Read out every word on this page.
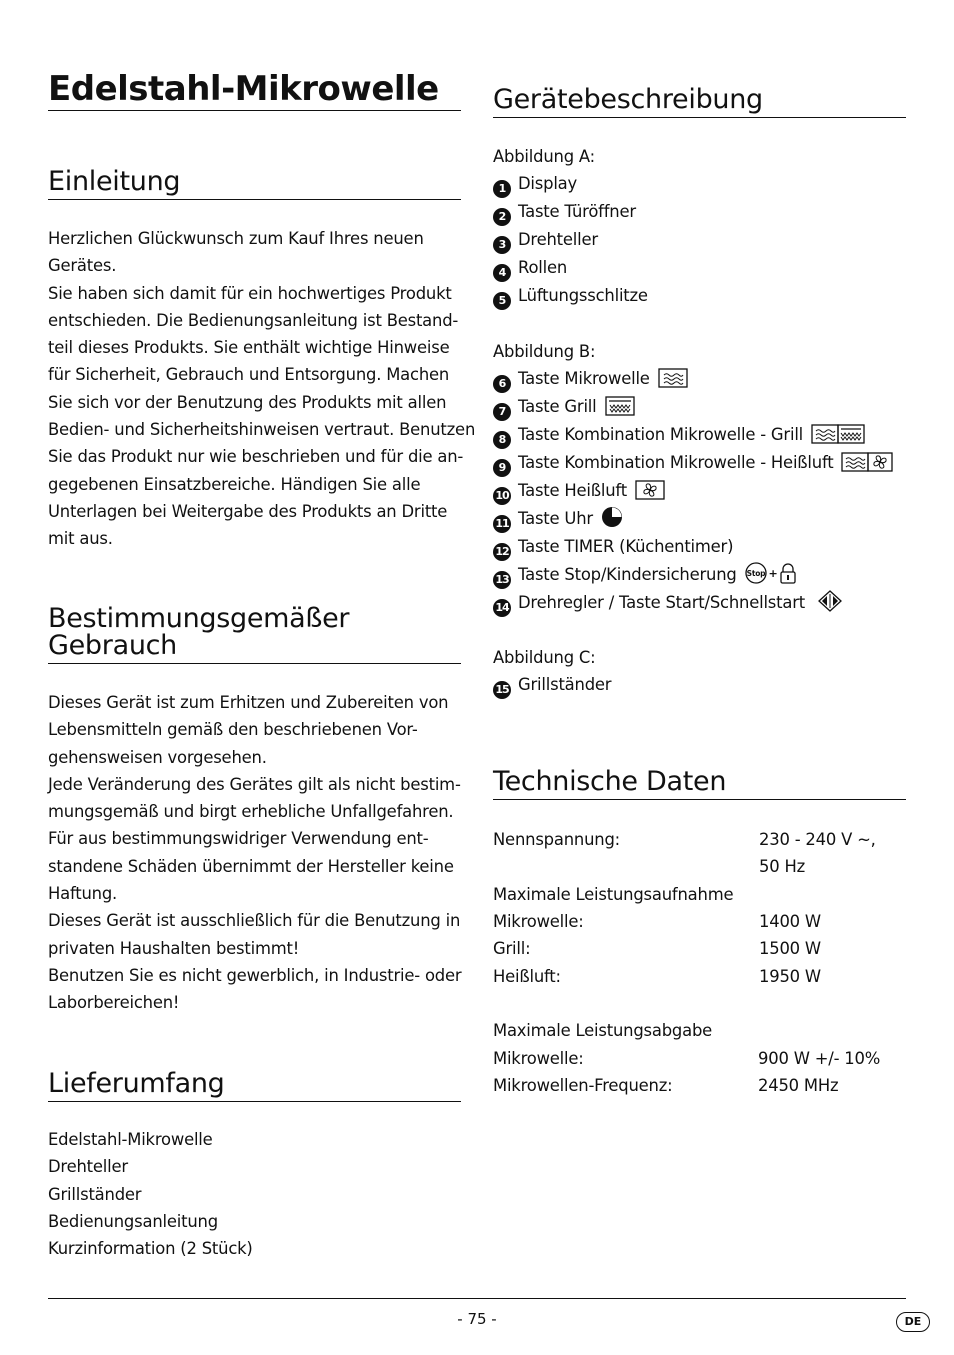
Edelstahl-Mikrowelle
Einleitung
Herzlichen Glückwunsch zum Kauf Ihres neuen
Gerätes.
Sie haben sich damit für ein hochwertiges Produkt
entschieden. Die Bedienungsanleitung ist Bestand-
teil dieses Produkts. Sie enthält wichtige Hinweise
für Sicherheit, Gebrauch und Entsorgung. Machen
Sie sich vor der Benutzung des Produkts mit allen
Bedien- und Sicherheitshinweisen vertraut. Benutzen
Sie das Produkt nur wie beschrieben und für die an-
gegebenen Einsatzbereiche. Händigen Sie alle
Unterlagen bei Weitergabe des Produkts an Dritte
mit aus.
Bestimmungsgemäßer
Gebrauch
Dieses Gerät ist zum Erhitzen und Zubereiten von
Lebensmitteln gemäß den beschriebenen Vor-
gehensweisen vorgesehen.
Jede Veränderung des Gerätes gilt als nicht bestim-
mungsgemäß und birgt erhebliche Unfallgefahren.
Für aus bestimmungswidriger Verwendung ent-
standene Schäden übernimmt der Hersteller keine
Haftung.
Dieses Gerät ist ausschließlich für die Benutzung in
privaten Haushalten bestimmt!
Benutzen Sie es nicht gewerblich, in Industrie- oder
Laborbereichen!
Lieferumfang
Edelstahl-Mikrowelle
Drehteller
Grillständer
Bedienungsanleitung
Kurzinformation (2 Stück)
Gerätebeschreibung
Abbildung A:
1 Display
2 Taste Türöffner
3 Drehteller
4 Rollen
5 Lüftungsschlitze
Abbildung B:
6 Taste Mikrowelle
7 Taste Grill
8 Taste Kombination Mikrowelle - Grill
9 Taste Kombination Mikrowelle - Heißluft
10 Taste Heißluft
11 Taste Uhr
12 Taste TIMER (Küchentimer)
13 Taste Stop/Kindersicherung Stop +
14 Drehregler / Taste Start/Schnellstart
Abbildung C:
15 Grillständer
Technische Daten
Nennspannung:	230 - 240 V ~,
50 Hz
Maximale Leistungsaufnahme
Mikrowelle:	1400 W
Grill:	1500 W
Heißluft:	1950 W
Maximale Leistungsabgabe
Mikrowelle:	900 W +/- 10%
Mikrowellen-Frequenz:	2450 MHz
- 75 -	DE
